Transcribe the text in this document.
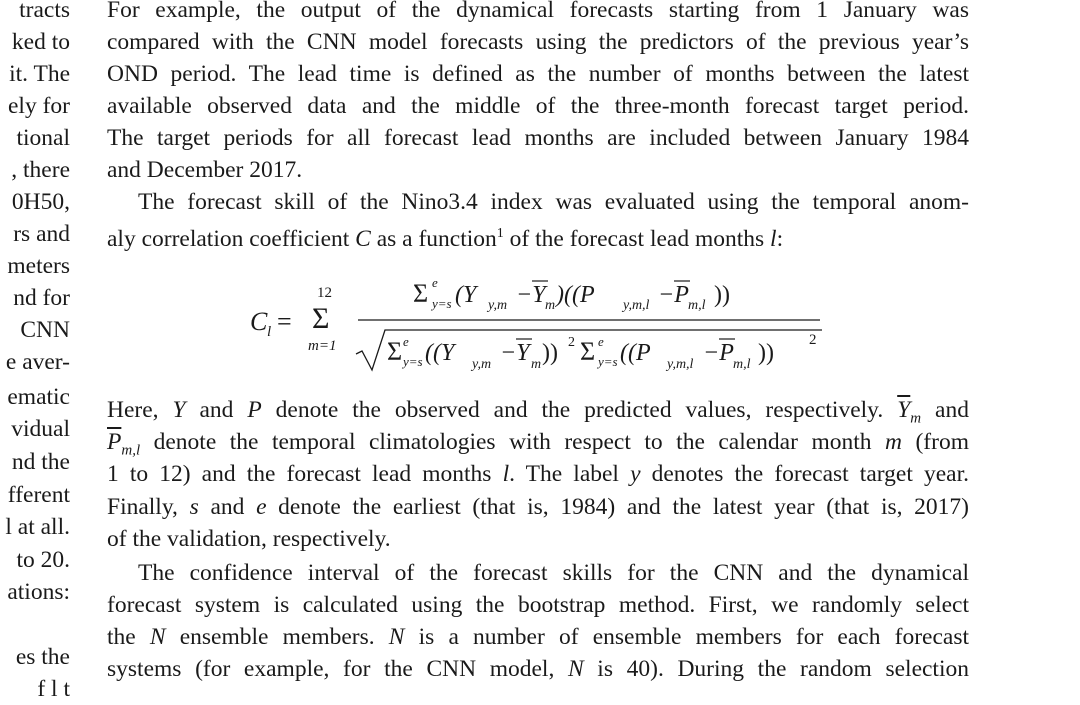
tracts
ked to
it. The
ely for
tional
, there
0H50,
rs and
meters
nd for
CNN
e aver-
ematic
vidual
nd the
fferent
l at all.
to 20.
ations:
es the
f l t
For example, the output of the dynamical forecasts starting from 1 January was
compared with the CNN model forecasts using the predictors of the previous year’s
OND period. The lead time is defined as the number of months between the latest
available observed data and the middle of the three-month forecast target period.
The target periods for all forecast lead months are included between January 1984
and December 2017.
The forecast skill of the Nino3.4 index was evaluated using the temporal anom-
aly correlation coefficient C as a function$^1$ of the forecast lead months l:
Here, Y and P denote the observed and the predicted values, respectively. $\overline{Y}_m$ and
$\overline{P}_{m,l}$ denote the temporal climatologies with respect to the calendar month m (from
1 to 12) and the forecast lead months l. The label y denotes the forecast target year.
Finally, s and e denote the earliest (that is, 1984) and the latest year (that is, 2017)
of the validation, respectively.
The confidence interval of the forecast skills for the CNN and the dynamical
forecast system is calculated using the bootstrap method. First, we randomly select
the N ensemble members. N is a number of ensemble members for each forecast
systems (for example, for the CNN model, N is 40). During the random selection
C l =
12
Σ
m=1
Σ e
y=s (Y y,m −Y m )((P y,m,l −P m,l ))
Σ e
y=s ((Y y,m −Y m )) 2 Σ e
y=s ((P y,m,l −P m,l )) 2
